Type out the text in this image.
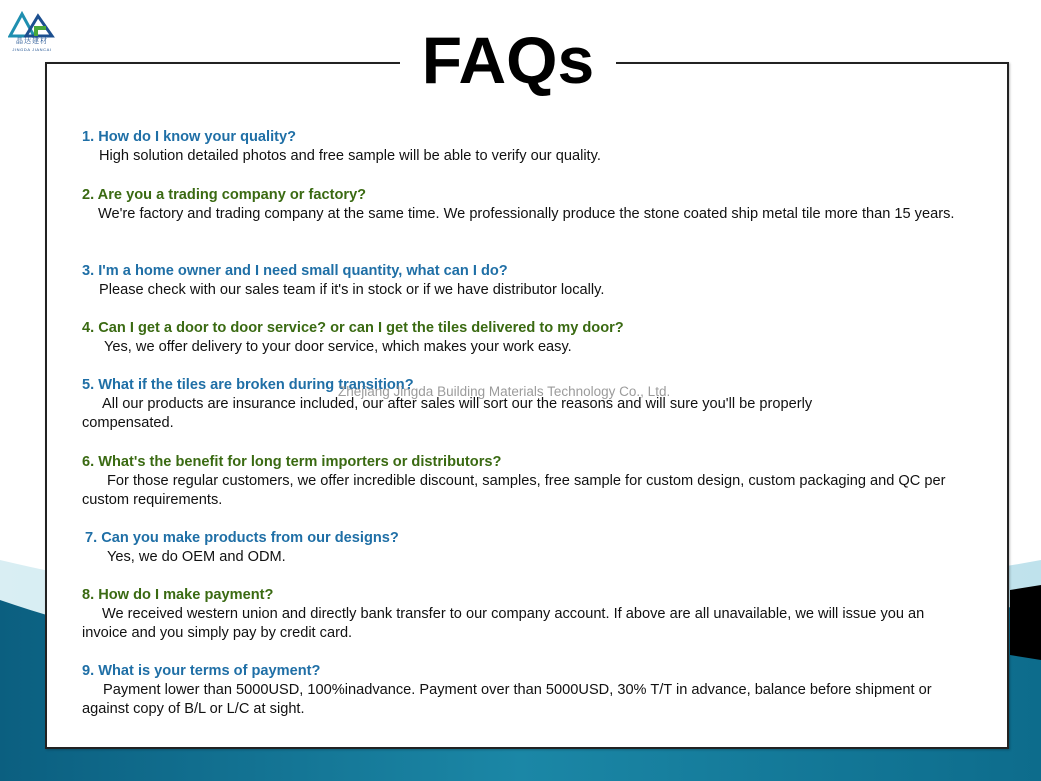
晶达建材
JINGDA JIANCAI	FAQs
1. How do I know your quality?
High solution detailed photos and free sample will be able to verify our quality.
2. Are you a trading company or factory?
We're factory and trading company at the same time. We professionally produce the stone coated ship metal tile more than 15 years.
3. I'm a home owner and I need small quantity, what can I do?
Please check with our sales team if it's in stock or if we have distributor locally.
4. Can I get a door to door service? or can I get the tiles delivered to my door?
Yes, we offer delivery to your door service, which makes your work easy.
5. What if the tiles are broken during transition?
All our products are insurance included, our after sales will sort our the reasons and will sure you'll be properly compensated.
6. What's the benefit for long term importers or distributors?
For those regular customers, we offer incredible discount, samples, free sample for custom design, custom packaging and QC per custom requirements.
7. Can you make products from our designs?
Yes, we do OEM and ODM.
8. How do I make payment?
We received western union and directly bank transfer to our company account. If above are all unavailable, we will issue you an invoice and you simply pay by credit card.
9. What is your terms of payment?
Payment lower than 5000USD, 100%inadvance. Payment over than 5000USD, 30% T/T in advance, balance before shipment or against copy of B/L or L/C at sight.
Zhejiang Jingda Building Materials Technology Co., Ltd.
